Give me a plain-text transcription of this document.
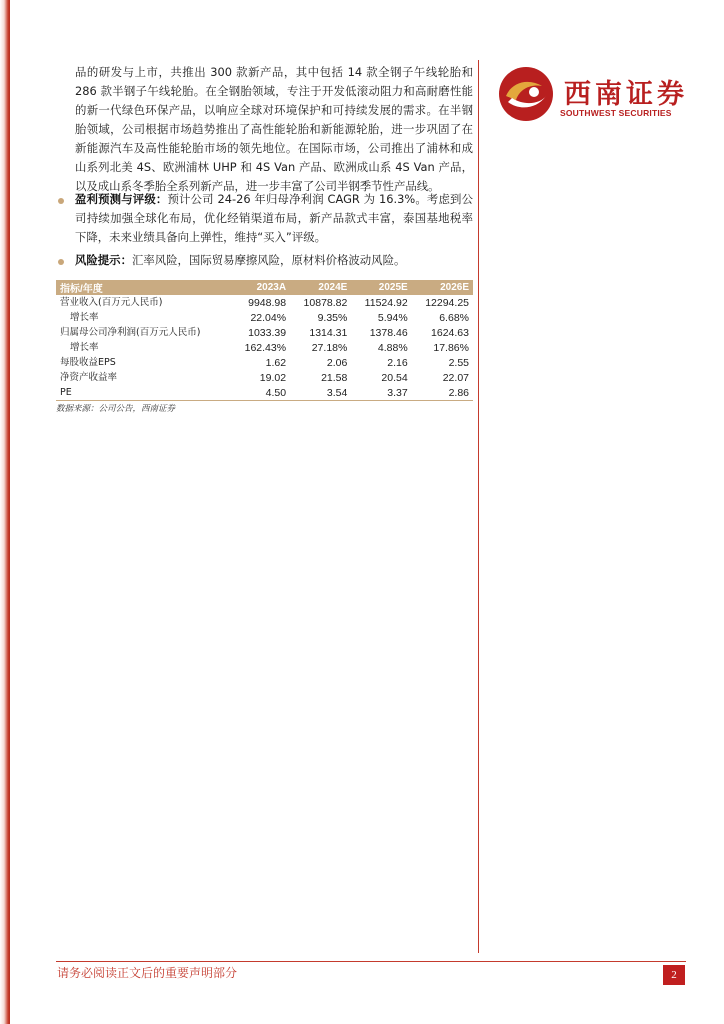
西南证券
SOUTHWEST SECURITIES
品的研发与上市，共推出 300 款新产品，其中包括 14 款全钢子午线轮胎和 286 款半钢子午线轮胎。在全钢胎领域，专注于开发低滚动阻力和高耐磨性能的新一代绿色环保产品，以响应全球对环境保护和可持续发展的需求。在半钢胎领域，公司根据市场趋势推出了高性能轮胎和新能源轮胎，进一步巩固了在新能源汽车及高性能轮胎市场的领先地位。在国际市场，公司推出了浦林和成山系列北美 4S、欧洲浦林 UHP 和 4S Van 产品、欧洲成山系 4S Van 产品，以及成山系冬季胎全系列新产品，进一步丰富了公司半钢季节性产品线。
盈利预测与评级：预计公司 24-26 年归母净利润 CAGR 为 16.3%。考虑到公司持续加强全球化布局，优化经销渠道布局，新产品款式丰富，泰国基地税率下降，未来业绩具备向上弹性，维持“买入”评级。
风险提示：汇率风险，国际贸易摩擦风险，原材料价格波动风险。
指标/年度	2023A	2024E	2025E	2026E
营业收入(百万元人民币)	9948.98	10878.82	11524.92	12294.25
增长率	22.04%	9.35%	5.94%	6.68%
归属母公司净利润(百万元人民币)	1033.39	1314.31	1378.46	1624.63
增长率	162.43%	27.18%	4.88%	17.86%
每股收益EPS	1.62	2.06	2.16	2.55
净资产收益率	19.02	21.58	20.54	22.07
PE	4.50	3.54	3.37	2.86
数据来源：公司公告，西南证券
请务必阅读正文后的重要声明部分	2
